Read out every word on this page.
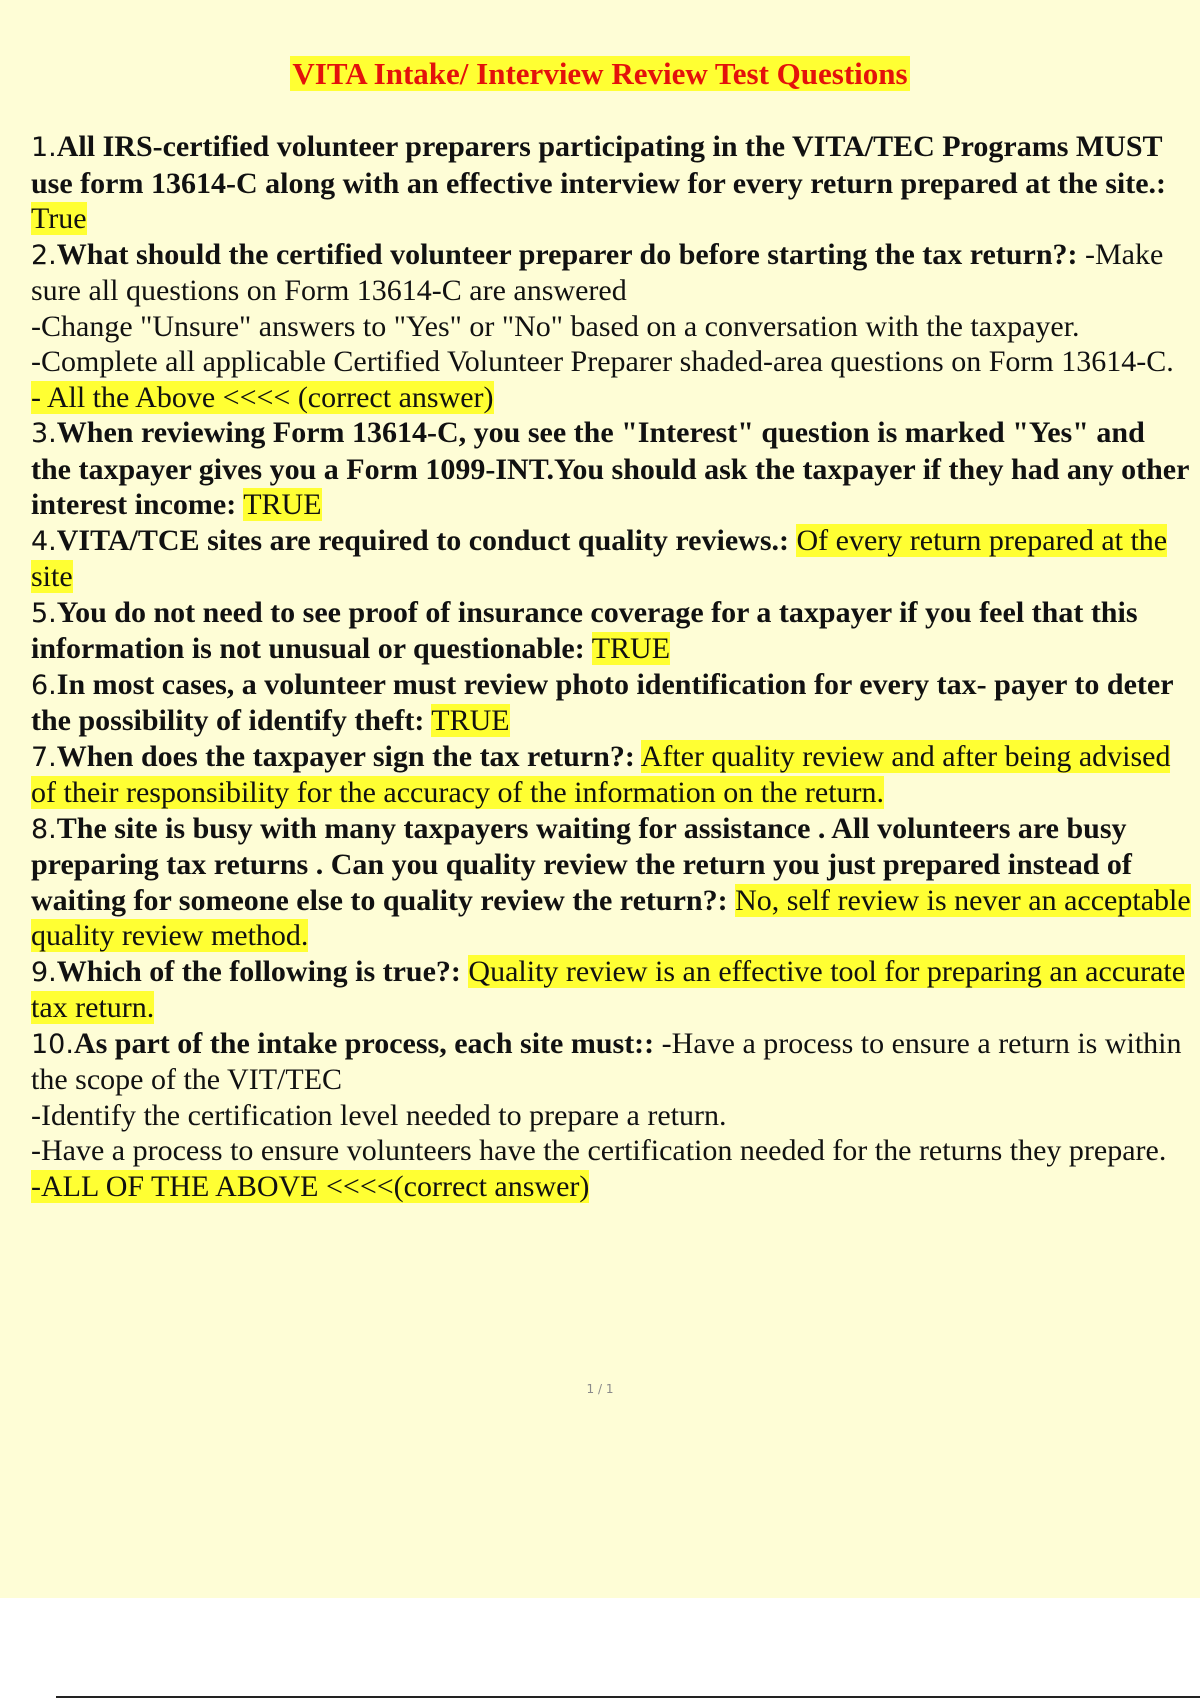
VITA Intake/ Interview Review Test Questions

1.All IRS-certified volunteer preparers participating in the VITA/TEC Programs MUST use form 13614-C along with an effective interview for every return prepared at the site.: True

2.What should the certified volunteer preparer do before starting the tax return?: -Make sure all questions on Form 13614-C are answered
-Change "Unsure" answers to "Yes" or "No" based on a conversation with the taxpayer.
-Complete all applicable Certified Volunteer Preparer shaded-area questions on Form 13614-C.
- All the Above <<<< (correct answer)

3.When reviewing Form 13614-C, you see the "Interest" question is marked "Yes" and the taxpayer gives you a Form 1099-INT.You should ask the taxpayer if they had any other interest income: TRUE

4.VITA/TCE sites are required to conduct quality reviews.: Of every return prepared at the site

5.You do not need to see proof of insurance coverage for a taxpayer if you feel that this information is not unusual or questionable: TRUE

6.In most cases, a volunteer must review photo identification for every tax- payer to deter the possibility of identify theft: TRUE

7.When does the taxpayer sign the tax return?: After quality review and after being advised of their responsibility for the accuracy of the information on the return.

8.The site is busy with many taxpayers waiting for assistance . All volunteers are busy preparing tax returns . Can you quality review the return you just prepared instead of waiting for someone else to quality review the return?: No, self review is never an acceptable quality review method.

9.Which of the following is true?: Quality review is an effective tool for preparing an accurate tax return.

10.As part of the intake process, each site must:: -Have a process to ensure a return is within the scope of the VIT/TEC
-Identify the certification level needed to prepare a return.
-Have a process to ensure volunteers have the certification needed for the returns they prepare.
-ALL OF THE ABOVE <<<<(correct answer)
1 / 1
